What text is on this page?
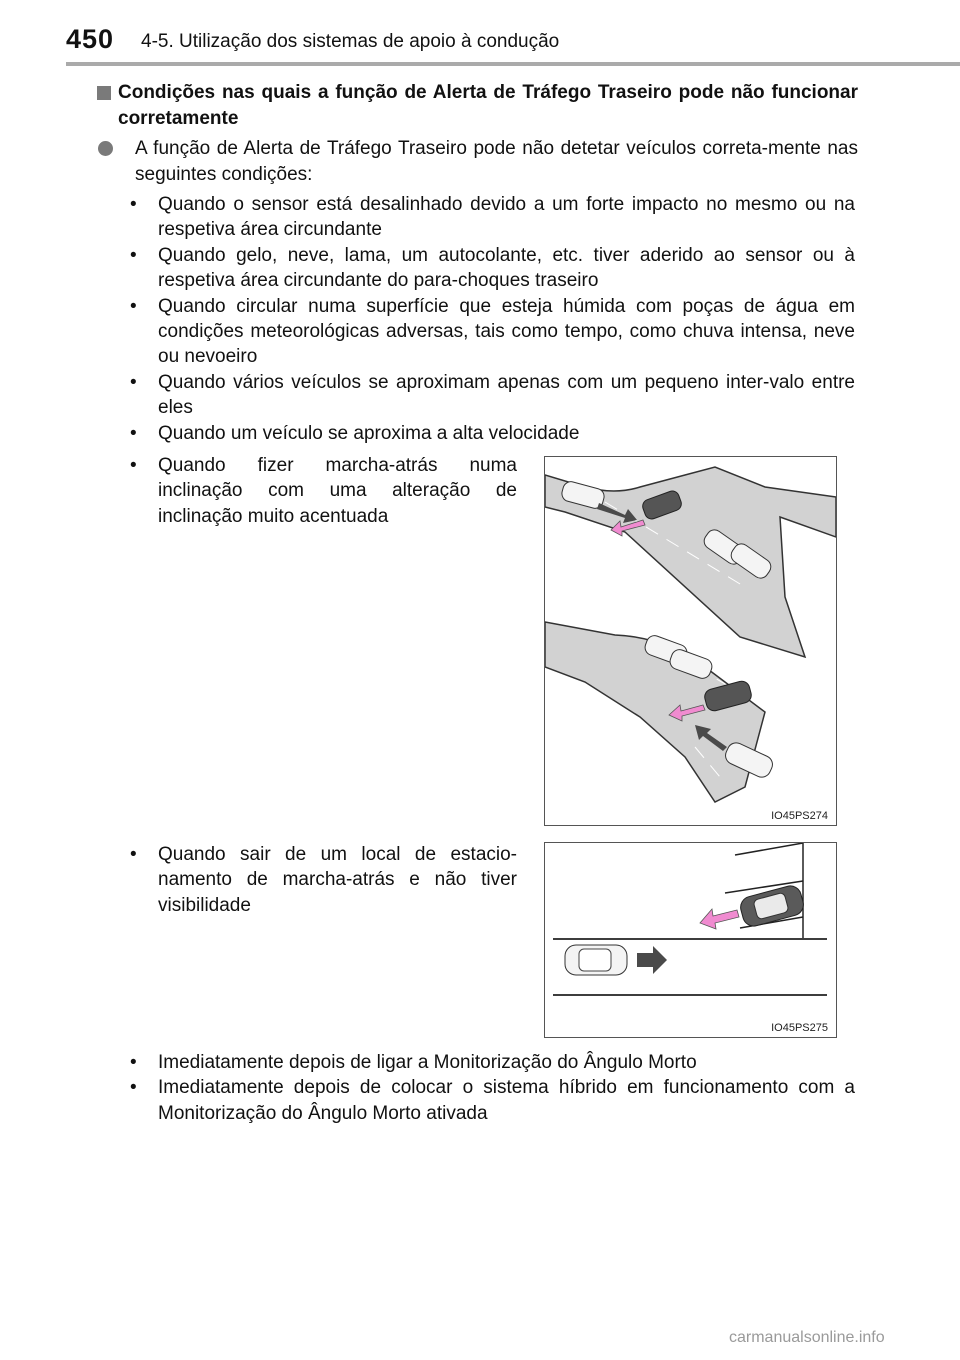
450 4-5. Utilização dos sistemas de apoio à condução
Condições nas quais a função de Alerta de Tráfego Traseiro pode não funcionar corretamente
A função de Alerta de Tráfego Traseiro pode não detetar veículos correta-mente nas seguintes condições:
• Quando o sensor está desalinhado devido a um forte impacto no mesmo ou na respetiva área circundante
• Quando gelo, neve, lama, um autocolante, etc. tiver aderido ao sensor ou à respetiva área circundante do para-choques traseiro
• Quando circular numa superfície que esteja húmida com poças de água em condições meteorológicas adversas, tais como tempo, como chuva intensa, neve ou nevoeiro
• Quando vários veículos se aproximam apenas com um pequeno inter-valo entre eles
• Quando um veículo se aproxima a alta velocidade
• Quando fizer marcha-atrás numa inclinação com uma alteração de inclinação muito acentuada
IO45PS274
• Quando sair de um local de estacio-namento de marcha-atrás e não tiver visibilidade
IO45PS275
• Imediatamente depois de ligar a Monitorização do Ângulo Morto
• Imediatamente depois de colocar o sistema híbrido em funcionamento com a Monitorização do Ângulo Morto ativada
carmanualsonline.info
